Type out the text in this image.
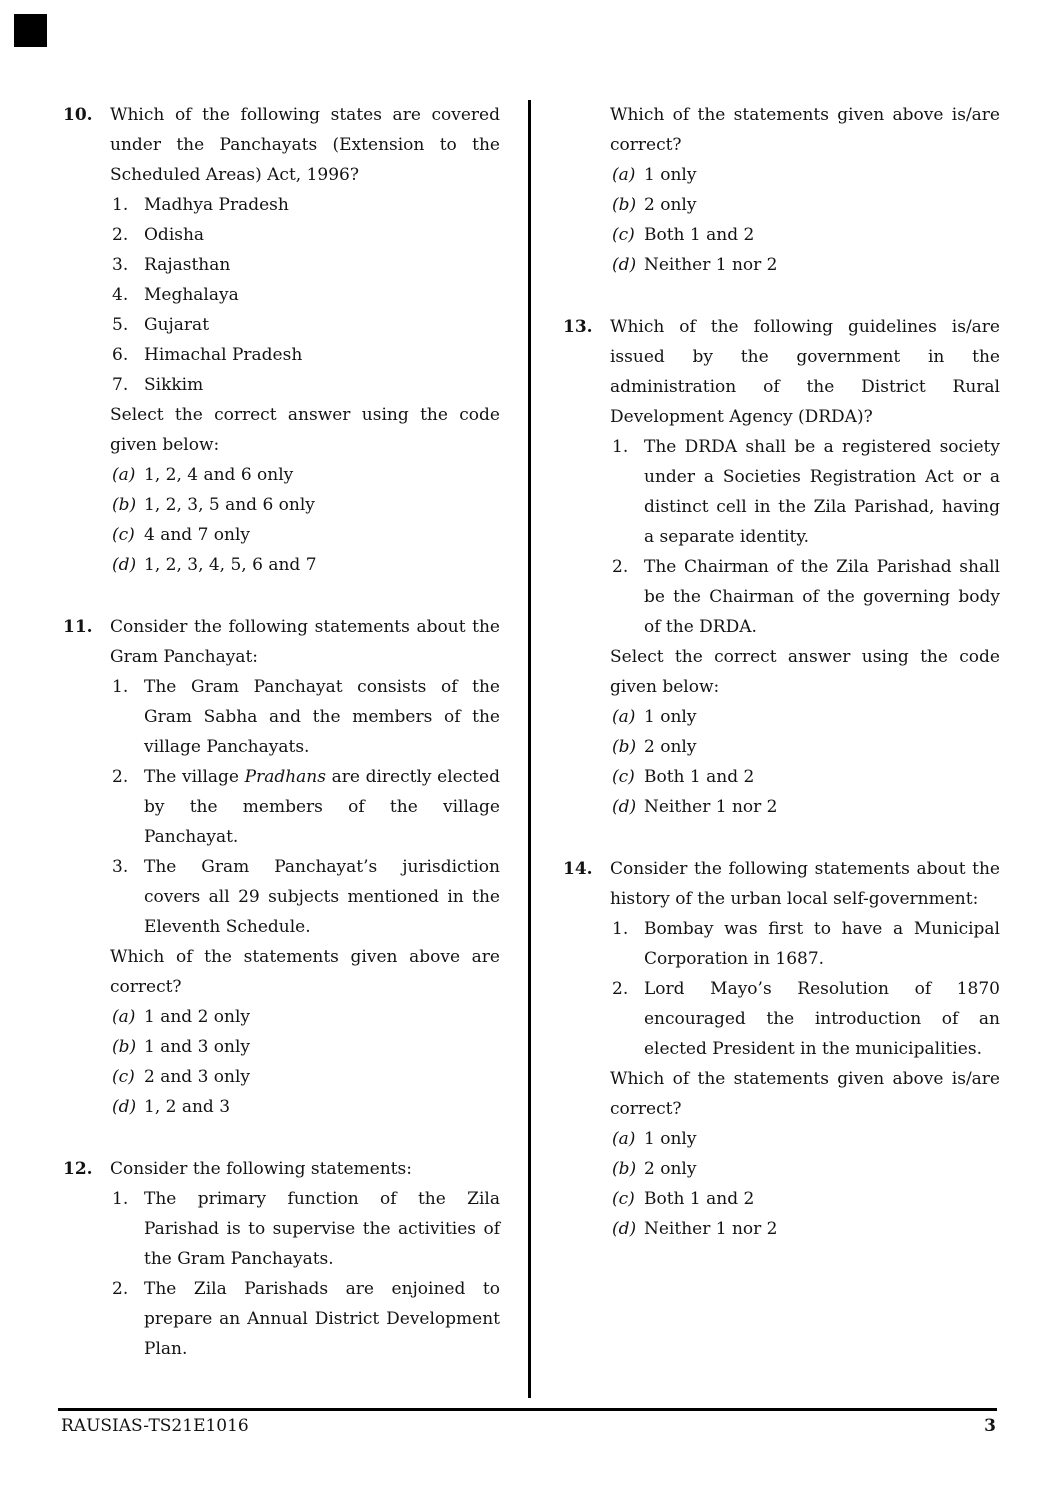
10.	Which of the following states are covered under the Panchayats (Extension to the Scheduled Areas) Act, 1996?
1. Madhya Pradesh
2. Odisha
3. Rajasthan
4. Meghalaya
5. Gujarat
6. Himachal Pradesh
7. Sikkim
Select the correct answer using the code given below:
(a) 1, 2, 4 and 6 only
(b) 1, 2, 3, 5 and 6 only
(c) 4 and 7 only
(d) 1, 2, 3, 4, 5, 6 and 7
11.	Consider the following statements about the Gram Panchayat:
1. The Gram Panchayat consists of the Gram Sabha and the members of the village Panchayats.
2. The village Pradhans are directly elected by the members of the village Panchayat.
3. The Gram Panchayat’s jurisdiction covers all 29 subjects mentioned in the Eleventh Schedule.
Which of the statements given above are correct?
(a) 1 and 2 only
(b) 1 and 3 only
(c) 2 and 3 only
(d) 1, 2 and 3
12.	Consider the following statements:
1. The primary function of the Zila Parishad is to supervise the activities of the Gram Panchayats.
2. The Zila Parishads are enjoined to prepare an Annual District Development Plan.
Which of the statements given above is/are correct?
(a) 1 only
(b) 2 only
(c) Both 1 and 2
(d) Neither 1 nor 2
13.	Which of the following guidelines is/are issued by the government in the administration of the District Rural Development Agency (DRDA)?
1. The DRDA shall be a registered society under a Societies Registration Act or a distinct cell in the Zila Parishad, having a separate identity.
2. The Chairman of the Zila Parishad shall be the Chairman of the governing body of the DRDA.
Select the correct answer using the code given below:
(a) 1 only
(b) 2 only
(c) Both 1 and 2
(d) Neither 1 nor 2
14.	Consider the following statements about the history of the urban local self-government:
1. Bombay was first to have a Municipal Corporation in 1687.
2. Lord Mayo’s Resolution of 1870 encouraged the introduction of an elected President in the municipalities.
Which of the statements given above is/are correct?
(a) 1 only
(b) 2 only
(c) Both 1 and 2
(d) Neither 1 nor 2
RAUSIAS-TS21E1016	3
